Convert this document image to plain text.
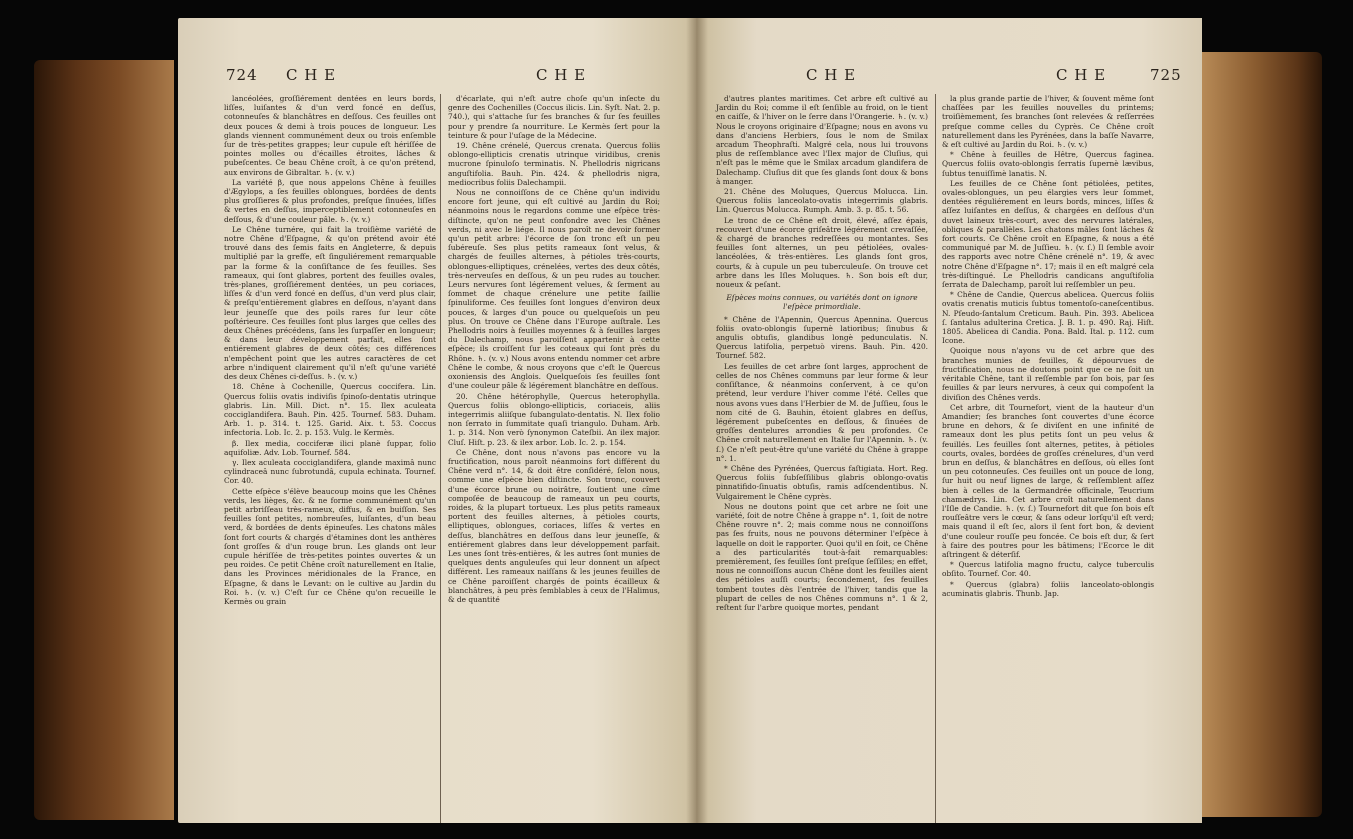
724 C H E	C H E

lancéolées, groſſiérement dentées en leurs bords, liſſes, luiſantes & d'un verd foncé en deſſus, cotonneuſes & blanchâtres en deſſous. Ces feuilles ont deux pouces & demi à trois pouces de longueur. Les glands viennent communément deux ou trois enſemble ſur de très-petites grappes; leur cupule eſt hériſſée de pointes molles ou d'écailles étroites, lâches & pubeſcentes. Ce beau Chêne croît, à ce qu'on prétend, aux environs de Gibraltar. ♄. (v. v.)

La variété β, que nous appelons Chêne à feuilles d'Ægylops, a ſes feuilles oblongues, bordées de dents plus groſſieres & plus profondes, preſque ſinuées, liſſes & vertes en deſſus, imperceptiblement cotonneuſes en deſſous, & d'une couleur pâle. ♄. (v. v.)

Le Chêne turnére, qui fait la troiſième variété de notre Chêne d'Eſpagne, & qu'on prétend avoir été trouvé dans des ſemis faits en Angleterre, & depuis multiplié par la greffe, eſt ſinguliérement remarquable par la forme & la conſiſtance de ſes feuilles. Ses rameaux, qui ſont glabres, portent des feuilles ovales, très-planes, groſſiérement dentées, un peu coriaces, liſſes & d'un verd foncé en deſſus, d'un verd plus clair, & preſqu'entièrement glabres en deſſous, n'ayant dans leur jeuneſſe que des poils rares ſur leur côte poſtérieure. Ces feuilles ſont plus larges que celles des deux Chênes précédens, ſans les ſurpaſſer en longueur; & dans leur développement parfait, elles ſont entiérement glabres de deux côtés; ces différences n'empêchent point que les autres caractères de cet arbre n'indiquent clairement qu'il n'eſt qu'une variété des deux Chênes ci-deſſus. ♄. (v. v.)

18. Chêne à Cochenille, Quercus coccifera. Lin. Quercus foliis ovatis indiviſis ſpinoſo-dentatis utrinque glabris. Lin. Mill. Dict. n°. 15. Ilex aculeata cocciglandifera. Bauh. Pin. 425. Tournef. 583. Duham. Arb. 1. p. 314. t. 125. Garid. Aix. t. 53. Coccus infectoria. Lob. Ic. 2. p. 153. Vulg. le Kermès.

β. Ilex media, cocciferæ ilici planè ſuppar, folio aquifoliæ. Adv. Lob. Tournef. 584.

γ. Ilex aculeata cocciglandifera, glande maximâ nunc cylindraceâ nunc ſubrotundâ, cupula echinata. Tournef. Cor. 40.

Cette eſpèce s'élève beaucoup moins que les Chênes verds, les lièges, &c. & ne forme communément qu'un petit arbriſſeau très-rameux, diffus, & en buiſſon. Ses feuilles ſont petites, nombreuſes, luiſantes, d'un beau verd, & bordées de dents épineuſes. Les chatons mâles ſont fort courts & chargés d'étamines dont les anthères ſont groſſes & d'un rouge brun. Les glands ont leur cupule hériſſée de très-petites pointes ouvertes & un peu roides. Ce petit Chêne croît naturellement en Italie, dans les Provinces méridionales de la France, en Eſpagne, & dans le Levant: on le cultive au Jardin du Roi. ♄. (v. v.) C'eſt ſur ce Chêne qu'on recueille le Kermès ou grain

d'écarlate, qui n'eſt autre choſe qu'un inſecte du genre des Cochenilles (Coccus ilicis. Lin. Syſt. Nat. 2. p. 740.), qui s'attache ſur ſes branches & ſur ſes feuilles pour y prendre ſa nourriture. Le Kermès ſert pour la teinture & pour l'uſage de la Médecine.

19. Chêne crénelé, Quercus crenata. Quercus foliis oblongo-ellipticis crenatis utrinque viridibus, crenis mucrone ſpinuloſo terminatis. N. Phellodris nigricans anguſtifolia. Bauh. Pin. 424. & phellodris nigra, mediocribus foliis Dalechampii.

Nous ne connoiſſons de ce Chêne qu'un individu encore fort jeune, qui eſt cultivé au Jardin du Roi; néanmoins nous le regardons comme une eſpèce très-diſtincte, qu'on ne peut confondre avec les Chênes verds, ni avec le liége. Il nous paroît ne devoir former qu'un petit arbre: l'écorce de ſon tronc eſt un peu ſubéreuſe. Ses plus petits rameaux ſont velus, & chargés de feuilles alternes, à pétioles très-courts, oblongues-elliptiques, crénelées, vertes des deux côtés, très-nerveuſes en deſſous, & un peu rudes au toucher. Leurs nervures ſont légérement velues, & ſerment au ſommet de chaque crénelure une petite ſaillie ſpinuliforme. Ces feuilles ſont longues d'environ deux pouces, & larges d'un pouce ou quelqueſois un peu plus. On trouve ce Chêne dans l'Europe auſtrale. Les Phellodris noirs à feuilles moyennes & à feuilles larges du Dalechamp, nous paroiſſent appartenir à cette eſpèce; ils croiſſent ſur les coteaux qui ſont près du Rhône. ♄. (v. v.) Nous avons entendu nommer cet arbre Chêne le combe, & nous croyons que c'eſt le Quercus oxoniensis des Anglois. Quelqueſois ſes feuilles ſont d'une couleur pâle & légérement blanchâtre en deſſous.

20. Chêne hétérophylle, Quercus heterophylla. Quercus foliis oblongo-ellipticis, coriaceis, aliis integerrimis aliiſque ſubangulato-dentatis. N. Ilex folio non ſerrato in ſummitate quaſi triangulo. Duham. Arb. 1. p. 314. Non verò ſynonymon Cateſbii. An ilex major. Cluſ. Hiſt. p. 23. & ilex arbor. Lob. Ic. 2. p. 154.

Ce Chêne, dont nous n'avons pas encore vu la fructification, nous paroît néanmoins fort différent du Chêne verd n°. 14, & doit être conſidéré, ſelon nous, comme une eſpèce bien diſtincte. Son tronc, couvert d'une écorce brune ou noirâtre, ſoutient une cîme compoſée de beaucoup de rameaux un peu courts, roides, & la plupart tortueux. Les plus petits rameaux portent des feuilles alternes, à pétioles courts, elliptiques, oblongues, coriaces, liſſes & vertes en deſſus, blanchâtres en deſſous dans leur jeuneſſe, & entiérement glabres dans leur développement parfait. Les unes ſont très-entières, & les autres ſont munies de quelques dents anguleuſes qui leur donnent un aſpect différent. Les rameaux naiſſans & les jeunes feuilles de ce Chêne paroiſſent chargés de points écailleux & blanchâtres, à peu près ſemblables à ceux de l'Halimus, & de quantité

C H E	C H E	725

d'autres plantes maritimes. Cet arbre eſt cultivé au Jardin du Roi; comme il eſt ſenſible au froid, on le tient en caiſſe, & l'hiver on le ſerre dans l'Orangerie. ♄. (v. v.) Nous le croyons originaire d'Eſpagne; nous en avons vu dans d'anciens Herbiers, ſous le nom de Smilax arcadum Theophraſti. Malgré cela, nous lui trouvons plus de reſſemblance avec l'Ilex major de Cluſius, qui n'eſt pas le même que le Smilax arcadum glandifera de Dalechamp. Cluſius dit que ſes glands ſont doux & bons à manger.

21. Chêne des Moluques, Quercus Molucca. Lin. Quercus foliis lanceolato-ovatis integerrimis glabris. Lin. Quercus Molucca. Rumph. Amb. 3. p. 85. t. 56.

Le tronc de ce Chêne eſt droit, élevé, aſſez épais, recouvert d'une écorce griſeâtre légérement crevaſſée, & chargé de branches redreſſées ou montantes. Ses feuilles ſont alternes, un peu pétiolées, ovales-lancéolées, & très-entières. Les glands ſont gros, courts, & à cupule un peu tuberculeuſe. On trouve cet arbre dans les Iſles Moluques. ♄. Son bois eſt dur, noueux & peſant.

Eſpèces moins connues, ou variétés dont on ignore l'eſpèce primordiale.

* Chêne de l'Apennin, Quercus Apennina. Quercus foliis ovato-oblongis ſupernè latioribus; ſinubus & angulis obtuſis, glandibus longè pedunculatis. N. Quercus latifolia, perpetuò virens. Bauh. Pin. 420. Tournef. 582.

Les feuilles de cet arbre ſont larges, approchent de celles de nos Chênes communs par leur forme & leur conſiſtance, & néanmoins conſervent, à ce qu'on prétend, leur verdure l'hiver comme l'été. Celles que nous avons vues dans l'Herbier de M. de Juſſieu, ſous le nom cité de G. Bauhin, étoient glabres en deſſus, légérement pubeſcentes en deſſous, & ſinuées de groſſes dentelures arrondies & peu profondes. Ce Chêne croît naturellement en Italie ſur l'Apennin. ♄. (v. ſ.) Ce n'eſt peut-être qu'une variété du Chêne à grappe n°. 1.

* Chêne des Pyrénées, Quercus faſtigiata. Hort. Reg. Quercus foliis ſubſeſſilibus glabris oblongo-ovatis pinnatifido-ſinuatis obtuſis, ramis adſcendentibus. N. Vulgairement le Chêne cyprès.

Nous ne doutons point que cet arbre ne ſoit une variété, ſoit de notre Chêne à grappe n°. 1, ſoit de notre Chêne rouvre n°. 2; mais comme nous ne connoiſſons pas ſes fruits, nous ne pouvons déterminer l'eſpèce à laquelle on doit le rapporter. Quoi qu'il en ſoit, ce Chêne a des particularités tout-à-fait remarquables: premièrement, ſes feuilles ſont preſque ſeſſiles; en effet, nous ne connoiſſons aucun Chêne dont les feuilles aient des pétioles auſſi courts; ſecondement, ſes feuilles tombent toutes dès l'entrée de l'hiver, tandis que la plupart de celles de nos Chênes communs n°. 1 & 2, reſtent ſur l'arbre quoique mortes, pendant

la plus grande partie de l'hiver, & ſouvent même ſont chaſſées par les feuilles nouvelles du printems; troiſièmement, ſes branches ſont relevées & reſſerrées preſque comme celles du Cyprès. Ce Chêne croît naturellement dans les Pyrénées, dans la baſſe Navarre, & eſt cultivé au Jardin du Roi. ♄. (v. v.)

* Chêne à feuilles de Hêtre, Quercus faginea. Quercus foliis ovato-oblongis ſerratis ſupernè lævibus, ſubtus tenuiſſimè lanatis. N.

Les feuilles de ce Chêne ſont pétiolées, petites, ovales-oblongues, un peu élargies vers leur ſommet, dentées réguliérement en leurs bords, minces, liſſes & aſſez luiſantes en deſſus, & chargées en deſſous d'un duvet laineux très-court, avec des nervures latérales, obliques & parallèles. Les chatons mâles ſont lâches & fort courts. Ce Chêne croît en Eſpagne, & nous a été communiqué par M. de Juſſieu. ♄. (v. ſ.) Il ſemble avoir des rapports avec notre Chêne crénelé n°. 19, & avec notre Chêne d'Eſpagne n°. 17; mais il en eſt malgré cela très-diſtingué. Le Phellodris candicans anguſtifolia ſerrata de Dalechamp, paroît lui reſſembler un peu.

* Chêne de Candie, Quercus abelicea. Quercus foliis ovatis crenatis muticis ſubtus tomentoſo-caneſcentibus. N. Pſeudo-ſantalum Creticum. Bauh. Pin. 393. Abelicea ſ. ſantalus adulterina Cretica. J. B. 1. p. 490. Raj. Hiſt. 1805. Abelicea di Candia. Pona. Bald. Ital. p. 112. cum Icone.

Quoique nous n'ayons vu de cet arbre que des branches munies de feuilles, & dépourvues de fructification, nous ne doutons point que ce ne ſoit un véritable Chêne, tant il reſſemble par ſon bois, par ſes feuilles & par leurs nervures, à ceux qui compoſent la diviſion des Chênes verds.

Cet arbre, dit Tournefort, vient de la hauteur d'un Amandier; ſes branches ſont couvertes d'une écorce brune en dehors, & ſe diviſent en une infinité de rameaux dont les plus petits ſont un peu velus & feuillés. Les feuilles ſont alternes, petites, à pétioles courts, ovales, bordées de groſſes crénelures, d'un verd brun en deſſus, & blanchâtres en deſſous, où elles ſont un peu cotonneuſes. Ces feuilles ont un pouce de long, ſur huit ou neuf lignes de large, & reſſemblent aſſez bien à celles de la Germandrée officinale, Teucrium chamædrys. Lin. Cet arbre croît naturellement dans l'Iſle de Candie. ♄. (v. ſ.) Tournefort dit que ſon bois eſt rouſſeâtre vers le cœur, & ſans odeur lorſqu'il eſt verd; mais quand il eſt ſec, alors il ſent fort bon, & devient d'une couleur rouſſe peu foncée. Ce bois eſt dur, & ſert à faire des poutres pour les bâtimens; l'Ecorce le dit aſtringent & déterſif.

* Quercus latifolia magno fructu, calyce tuberculis obſito. Tournef. Cor. 40.

* Quercus (glabra) foliis lanceolato-oblongis acuminatis glabris. Thunb. Jap.
